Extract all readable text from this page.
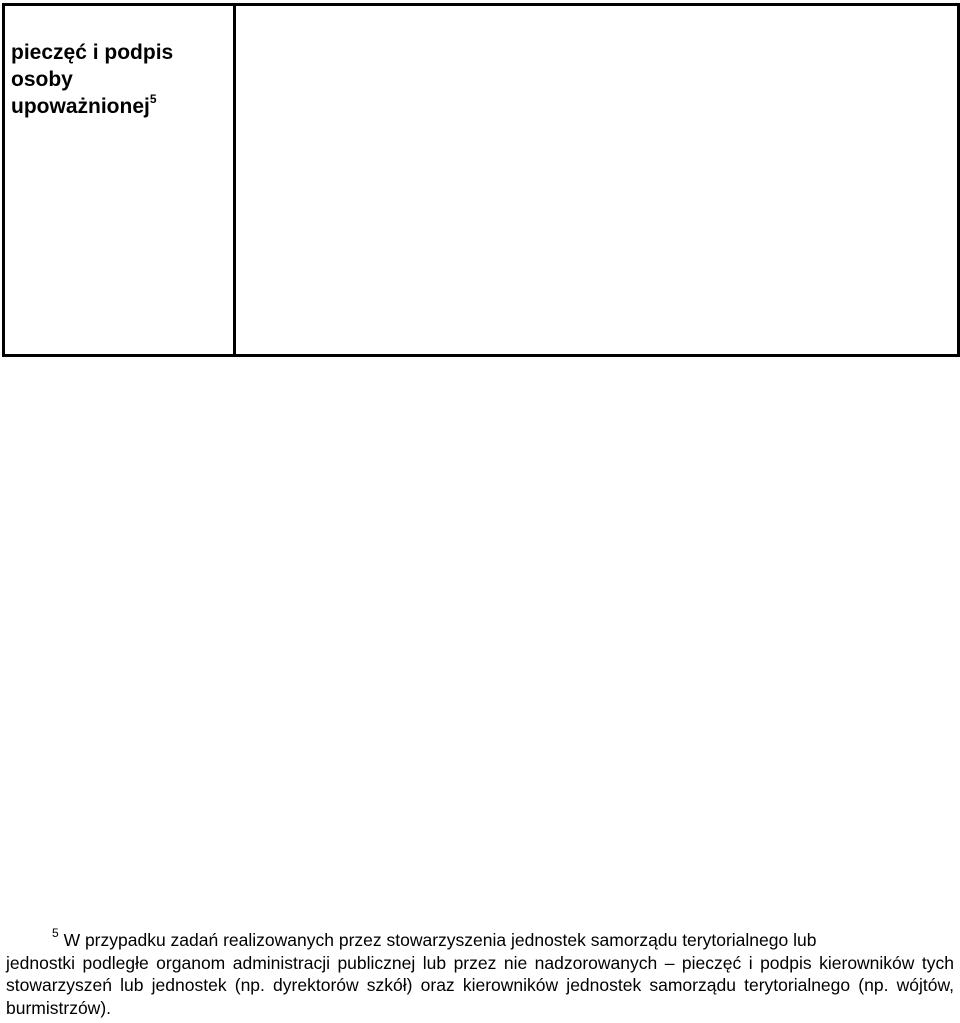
pieczęć i podpis
osoby
upoważnionej$^5$

$^5$ W przypadku zadań realizowanych przez stowarzyszenia jednostek samorządu terytorialnego lub
jednostki podległe organom administracji publicznej lub przez nie nadzorowanych – pieczęć i podpis kierowników tych stowarzyszeń lub jednostek (np. dyrektorów szkół) oraz kierowników jednostek samorządu terytorialnego (np. wójtów, burmistrzów).
